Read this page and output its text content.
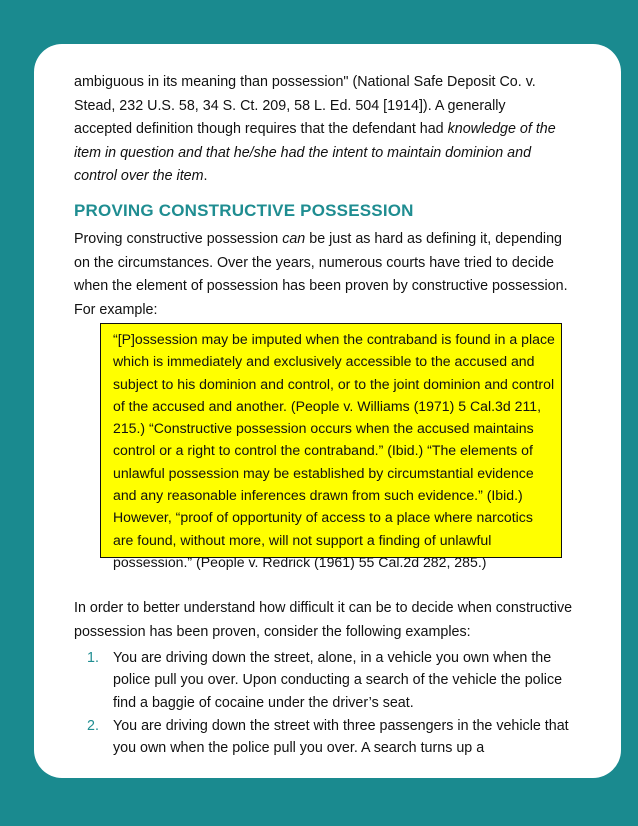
ambiguous in its meaning than possession" (National Safe Deposit Co. v. Stead, 232 U.S. 58, 34 S. Ct. 209, 58 L. Ed. 504 [1914]). A generally accepted definition though requires that the defendant had knowledge of the item in question and that he/she had the intent to maintain dominion and control over the item.

PROVING CONSTRUCTIVE POSSESSION

Proving constructive possession can be just as hard as defining it, depending on the circumstances. Over the years, numerous courts have tried to decide when the element of possession has been proven by constructive possession. For example:

“[P]ossession may be imputed when the contraband is found in a place which is immediately and exclusively accessible to the accused and subject to his dominion and control, or to the joint dominion and control of the accused and another. (People v. Williams (1971) 5 Cal.3d 211, 215.) “Constructive possession occurs when the accused maintains control or a right to control the contraband.” (Ibid.) “The elements of unlawful possession may be established by circumstantial evidence and any reasonable inferences drawn from such evidence.” (Ibid.) However, “proof of opportunity of access to a place where narcotics are found, without more, will not support a finding of unlawful possession.” (People v. Redrick (1961) 55 Cal.2d 282, 285.)

In order to better understand how difficult it can be to decide when constructive possession has been proven, consider the following examples:

1. You are driving down the street, alone, in a vehicle you own when the police pull you over. Upon conducting a search of the vehicle the police find a baggie of cocaine under the driver’s seat.
2. You are driving down the street with three passengers in the vehicle that you own when the police pull you over. A search turns up a
